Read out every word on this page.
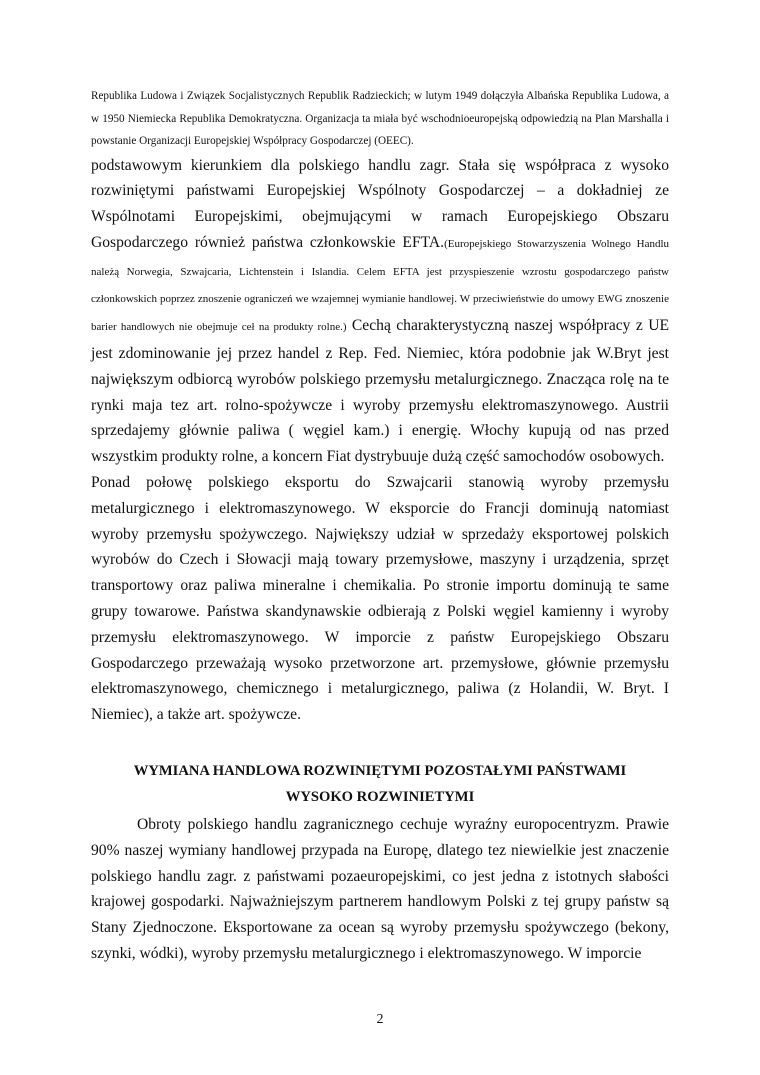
Republika Ludowa i Związek Socjalistycznych Republik Radzieckich; w lutym 1949 dołączyła Albańska Republika Ludowa, a w 1950 Niemiecka Republika Demokratyczna. Organizacja ta miała być wschodnioeuropejską odpowiedzią na Plan Marshalla i powstanie Organizacji Europejskiej Współpracy Gospodarczej (OEEC).

podstawowym kierunkiem dla polskiego handlu zagr. Stała się współpraca z wysoko rozwiniętymi państwami Europejskiej Wspólnoty Gospodarczej – a dokładniej ze Wspólnotami Europejskimi, obejmującymi w ramach Europejskiego Obszaru Gospodarczego również państwa członkowskie EFTA.(Europejskiego Stowarzyszenia Wolnego Handlu należą Norwegia, Szwajcaria, Lichtenstein i Islandia. Celem EFTA jest przyspieszenie wzrostu gospodarczego państw członkowskich poprzez znoszenie ograniczeń we wzajemnej wymianie handlowej. W przeciwieństwie do umowy EWG znoszenie barier handlowych nie obejmuje ceł na produkty rolne.) Cechą charakterystyczną naszej współpracy z UE jest zdominowanie jej przez handel z Rep. Fed. Niemiec, która podobnie jak W.Bryt jest największym odbiorcą wyrobów polskiego przemysłu metalurgicznego. Znacząca rolę na te rynki maja tez art. rolno-spożywcze i wyroby przemysłu elektromaszynowego. Austrii sprzedajemy głównie paliwa ( węgiel kam.) i energię. Włochy kupują od nas przed wszystkim produkty rolne, a koncern Fiat dystrybuuje dużą część samochodów osobowych.

Ponad połowę polskiego eksportu do Szwajcarii stanowią wyroby przemysłu metalurgicznego i elektromaszynowego. W eksporcie do Francji dominują natomiast wyroby przemysłu spożywczego. Największy udział w sprzedaży eksportowej polskich wyrobów do Czech i Słowacji mają towary przemysłowe, maszyny i urządzenia, sprzęt transportowy oraz paliwa mineralne i chemikalia. Po stronie importu dominują te same grupy towarowe. Państwa skandynawskie odbierają z Polski węgiel kamienny i wyroby przemysłu elektromaszynowego. W imporcie z państw Europejskiego Obszaru Gospodarczego przeważają wysoko przetworzone art. przemysłowe, głównie przemysłu elektromaszynowego, chemicznego i metalurgicznego, paliwa (z Holandii, W. Bryt. I Niemiec), a także art. spożywcze.

WYMIANA HANDLOWA ROZWINIĘTYMI POZOSTAŁYMI PAŃSTWAMI
WYSOKO ROZWINIETYMI

Obroty polskiego handlu zagranicznego cechuje wyraźny europocentryzm. Prawie 90% naszej wymiany handlowej przypada na Europę, dlatego tez niewielkie jest znaczenie polskiego handlu zagr. z państwami pozaeuropejskimi, co jest jedna z istotnych słabości krajowej gospodarki. Najważniejszym partnerem handlowym Polski z tej grupy państw są Stany Zjednoczone. Eksportowane za ocean są wyroby przemysłu spożywczego (bekony, szynki, wódki), wyroby przemysłu metalurgicznego i elektromaszynowego. W imporcie

2
